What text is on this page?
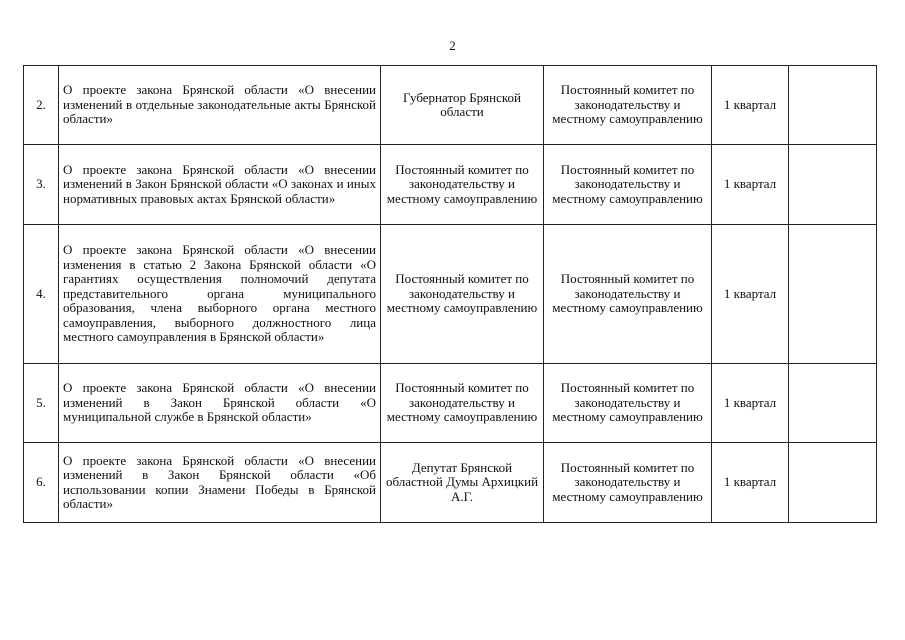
2
2.	О проекте закона Брянской области «О внесении изменений в отдельные законодательные акты Брянской области»	Губернатор Брянской области	Постоянный комитет по законодательству и местному самоуправлению	1 квартал	
3.	О проекте закона Брянской области «О внесении изменений в Закон Брянской области «О законах и иных нормативных правовых актах Брянской области»	Постоянный комитет по законодательству и местному самоуправлению	Постоянный комитет по законодательству и местному самоуправлению	1 квартал	
4.	О проекте закона Брянской области «О внесении изменения в статью 2 Закона Брянской области «О гарантиях осуществления полномочий депутата представительного органа муниципального образования, члена выборного органа местного самоуправления, выборного должностного лица местного самоуправления в Брянской области»	Постоянный комитет по законодательству и местному самоуправлению	Постоянный комитет по законодательству и местному самоуправлению	1 квартал	
5.	О проекте закона Брянской области «О внесении изменений в Закон Брянской области «О муниципальной службе в Брянской области»	Постоянный комитет по законодательству и местному самоуправлению	Постоянный комитет по законодательству и местному самоуправлению	1 квартал	
6.	О проекте закона Брянской области «О внесении изменений в Закон Брянской области «Об использовании копии Знамени Победы в Брянской области»	Депутат Брянской областной Думы Архицкий А.Г.	Постоянный комитет по законодательству и местному самоуправлению	1 квартал	
